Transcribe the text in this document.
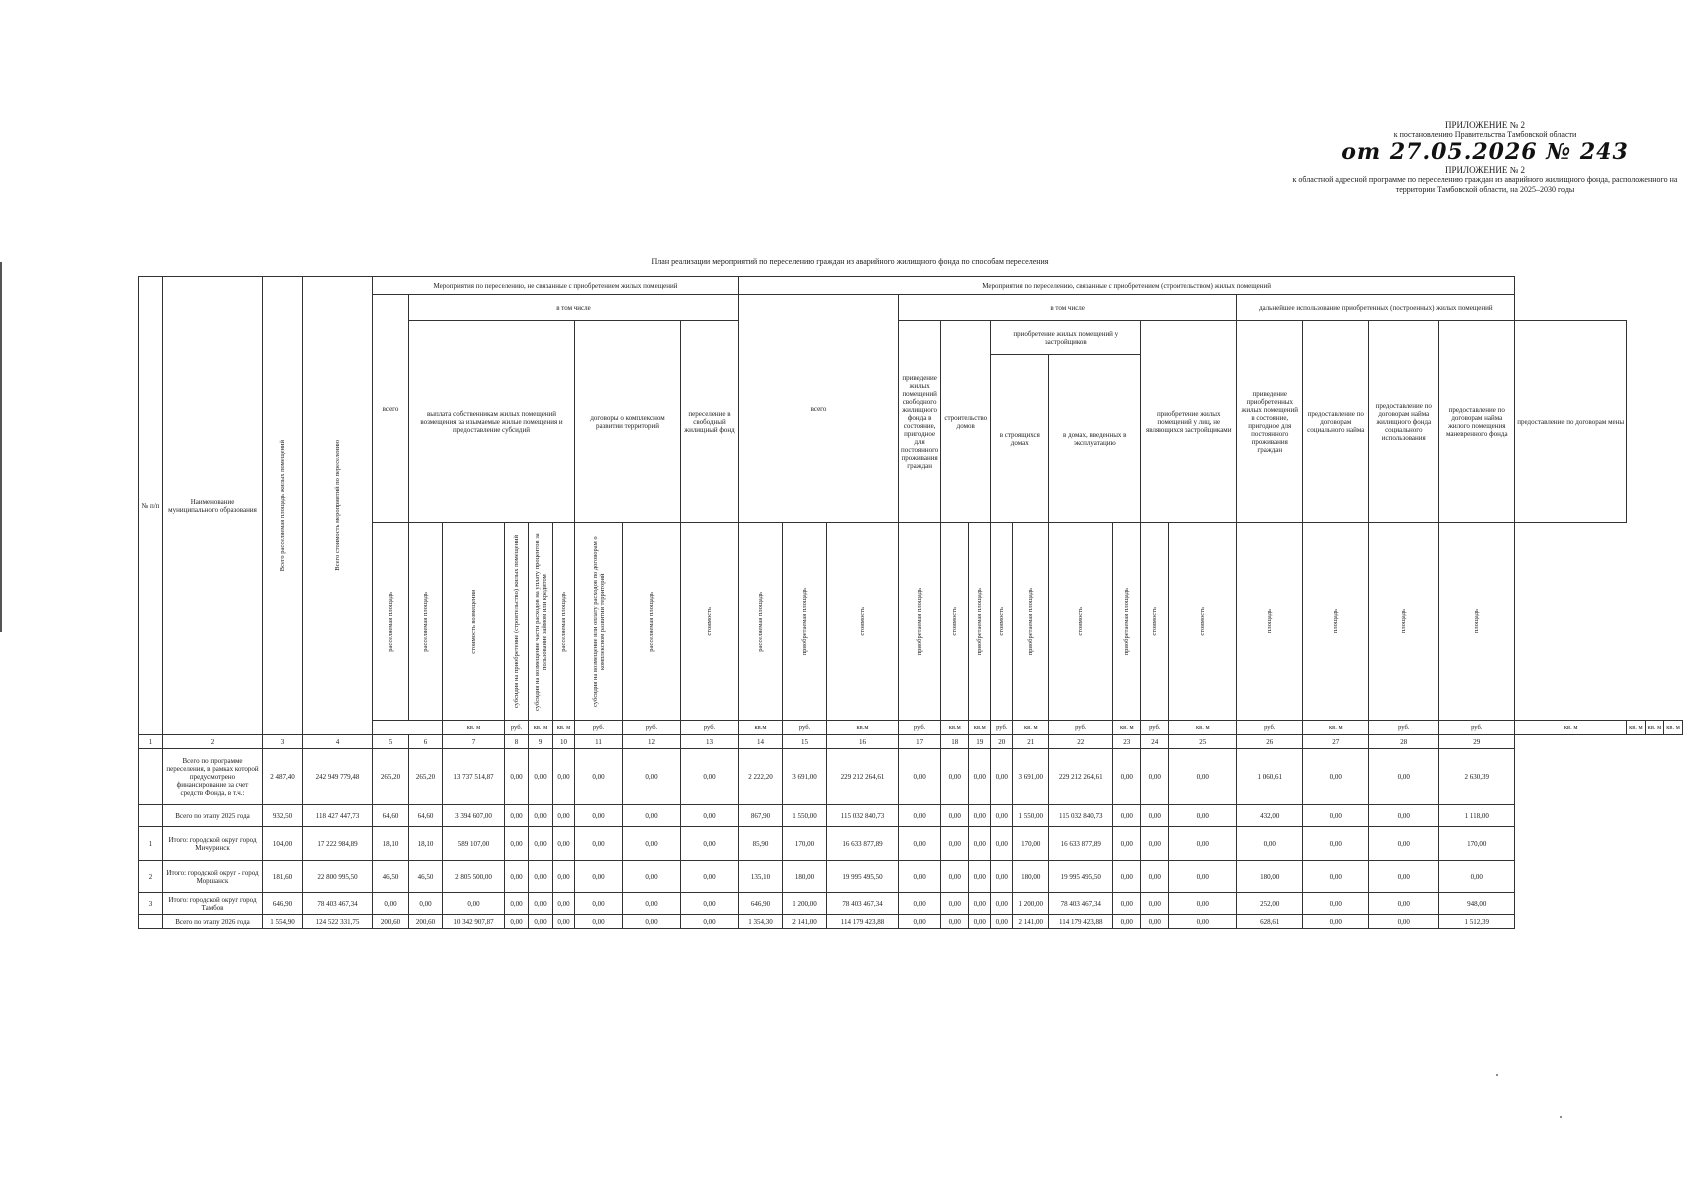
ПРИЛОЖЕНИЕ № 2
к постановлению Правительства Тамбовской области
от 27.05.2026 № 243
ПРИЛОЖЕНИЕ № 2
к областной адресной программе по переселению граждан из аварийного жилищного фонда, расположенного на территории Тамбовской области, на 2025–2030 годы
План реализации мероприятий по переселению граждан из аварийного жилищного фонда по способам переселения
№ п/п	Наименование муниципального образования	Всего расселяемая площадь жилых помещений	Всего стоимость мероприятий по переселению	Мероприятия по переселению, не связанные с приобретением жилых помещений									Мероприятия по переселению, связанные с приобретением (строительством) жилых помещений																			
				всего	в том числе								всего			в том числе									дальнейшее использование приобретенных (построенных) жилых помещений							
					выплата собственникам жилых помещений возмещения за изымаемые жилые помещения и предоставление субсидий					договоры о комплексном развитии территорий		переселение в свободный жилищный фонд				приведение жилых помещений свободного жилищного фонда в состояние, пригодное для постоянного проживания граждан	строительство домов		приобретение жилых помещений у застройщиков				приобретение жилых помещений у лиц, не являющихся застройщиками		приведение приобретенных жилых помещений в состояние, пригодное для постоянного проживания граждан	предоставление по договорам социального найма	предоставление по договорам найма жилищного фонда социального использования	предоставление по договорам найма жилого помещения маневренного фонда	предоставление по договорам мены			
																			в строящихся домах		в домах, введенных в эксплуатацию											

				расселяемая площадь	расселяемая площадь	стоимость возмещения	субсидия на приобретение (строительство) жилых помещений	субсидия на возмещение части расходов на уплату процентов за пользование займом или кредитом	расселяемая площадь	субсидия на возмещение или оплату расходов по договорам о комплексном развитии территорий	расселяемая площадь	стоимость	расселяемая площадь	приобретаемая площадь	стоимость	приобретаемая площадь	стоимость	приобретаемая площадь	стоимость	приобретаемая площадь	стоимость	приобретаемая площадь	стоимость	стоимость	площадь	площадь	площадь	площадь				

						кв. м	руб.	кв. м	кв. м	руб.	руб.	руб.	кв.м	руб.	кв.м	руб.	кв.м	кв.м	руб.	кв. м	руб.	кв. м	руб.	кв. м	руб.	кв. м	руб.	руб.	кв. м	кв. м	кв. м	кв. м
1	2	3	4	5	6	7	8	9	10	11	12	13	14	15	16	17	18	19	20	21	22	23	24	25	26	27	28	29				
	Всего по программе переселения, в рамках которой предусмотрено финансирование за счет средств Фонда, в т.ч.:	2 487,40	242 949 779,48	265,20	265,20	13 737 514,87	0,00	0,00	0,00	0,00	0,00	0,00	2 222,20	3 691,00	229 212 264,61	0,00	0,00	0,00	0,00	3 691,00	229 212 264,61	0,00	0,00	0,00	1 060,61	0,00	0,00	2 630,39				
	Всего по этапу 2025 года	932,50	118 427 447,73	64,60	64,60	3 394 607,00	0,00	0,00	0,00	0,00	0,00	0,00	867,90	1 550,00	115 032 840,73	0,00	0,00	0,00	0,00	1 550,00	115 032 840,73	0,00	0,00	0,00	432,00	0,00	0,00	1 118,00				
1	Итого: городской округ город Мичуринск	104,00	17 222 984,89	18,10	18,10	589 107,00	0,00	0,00	0,00	0,00	0,00	0,00	85,90	170,00	16 633 877,89	0,00	0,00	0,00	0,00	170,00	16 633 877,89	0,00	0,00	0,00	0,00	0,00	0,00	170,00				
2	Итого: городской округ - город Моршанск	181,60	22 800 995,50	46,50	46,50	2 805 500,00	0,00	0,00	0,00	0,00	0,00	0,00	135,10	180,00	19 995 495,50	0,00	0,00	0,00	0,00	180,00	19 995 495,50	0,00	0,00	0,00	180,00	0,00	0,00	0,00				
3	Итого: городской округ город Тамбов	646,90	78 403 467,34	0,00	0,00	0,00	0,00	0,00	0,00	0,00	0,00	0,00	646,90	1 200,00	78 403 467,34	0,00	0,00	0,00	0,00	1 200,00	78 403 467,34	0,00	0,00	0,00	252,00	0,00	0,00	948,00				
	Всего по этапу 2026 года	1 554,90	124 522 331,75	200,60	200,60	10 342 907,87	0,00	0,00	0,00	0,00	0,00	0,00	1 354,30	2 141,00	114 179 423,88	0,00	0,00	0,00	0,00	2 141,00	114 179 423,88	0,00	0,00	0,00	628,61	0,00	0,00	1 512,39				
